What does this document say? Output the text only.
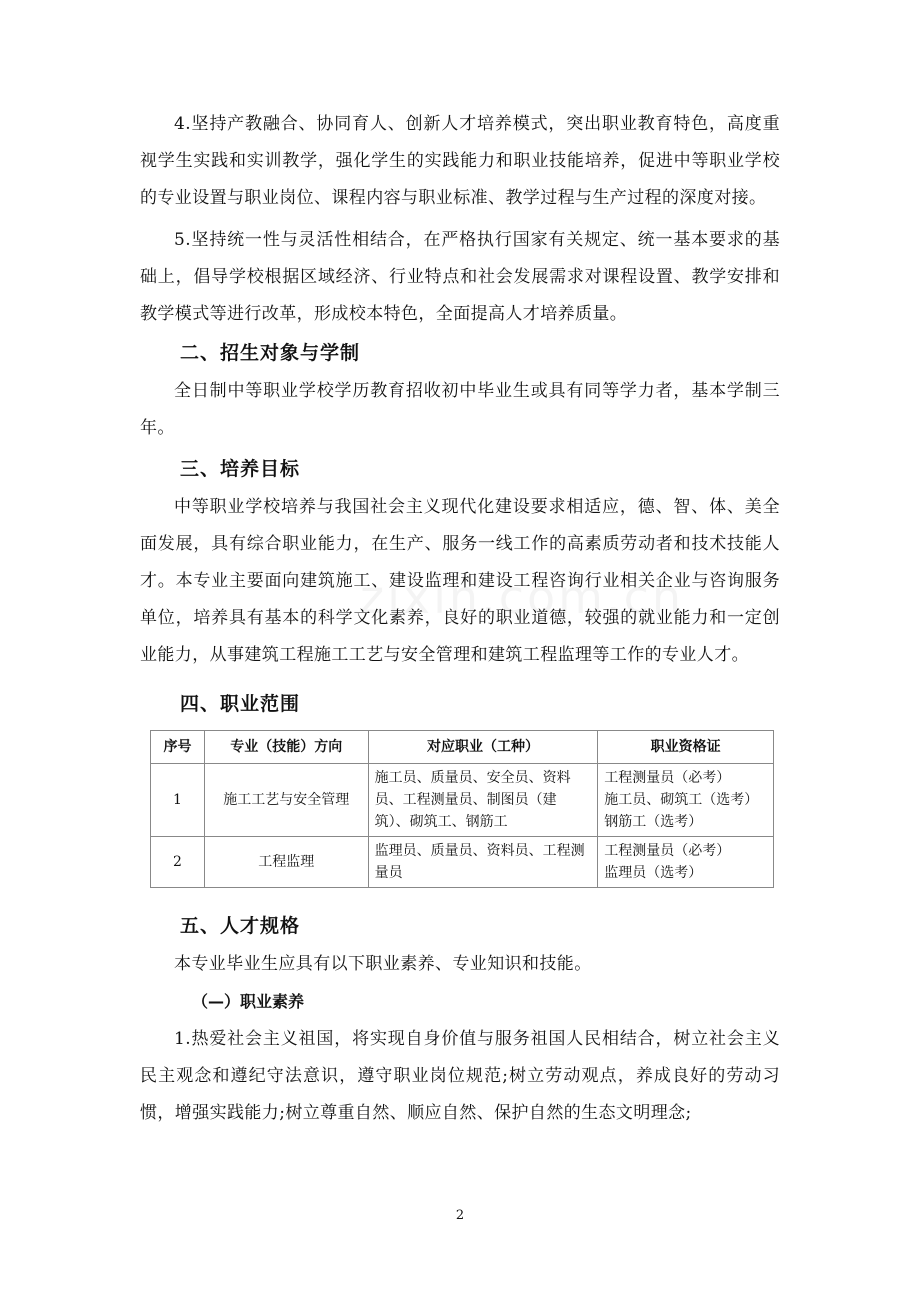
4.坚持产教融合、协同育人、创新人才培养模式，突出职业教育特色，高度重视学生实践和实训教学，强化学生的实践能力和职业技能培养，促进中等职业学校的专业设置与职业岗位、课程内容与职业标准、教学过程与生产过程的深度对接。

5.坚持统一性与灵活性相结合，在严格执行国家有关规定、统一基本要求的基础上，倡导学校根据区域经济、行业特点和社会发展需求对课程设置、教学安排和教学模式等进行改革，形成校本特色，全面提高人才培养质量。

二、招生对象与学制

全日制中等职业学校学历教育招收初中毕业生或具有同等学力者，基本学制三年。

三、培养目标

中等职业学校培养与我国社会主义现代化建设要求相适应，德、智、体、美全面发展，具有综合职业能力，在生产、服务一线工作的高素质劳动者和技术技能人才。本专业主要面向建筑施工、建设监理和建设工程咨询行业相关企业与咨询服务单位，培养具有基本的科学文化素养，良好的职业道德，较强的就业能力和一定创业能力，从事建筑工程施工工艺与安全管理和建筑工程监理等工作的专业人才。

四、职业范围
序号	专业（技能）方向	对应职业（工种）	职业资格证
1	施工工艺与安全管理	施工员、质量员、安全员、资料员、工程测量员、制图员（建筑）、砌筑工、钢筋工	工程测量员（必考）
施工员、砌筑工（选考）
钢筋工（选考）

2	工程监理	监理员、质量员、资料员、工程测量员	工程测量员（必考）
监理员（选考）
五、人才规格

本专业毕业生应具有以下职业素养、专业知识和技能。

（—）职业素养

1.热爱社会主义祖国，将实现自身价值与服务祖国人民相结合，树立社会主义民主观念和遵纪守法意识，遵守职业岗位规范;树立劳动观点，养成良好的劳动习惯，增强实践能力;树立尊重自然、顺应自然、保护自然的生态文明理念;

2
